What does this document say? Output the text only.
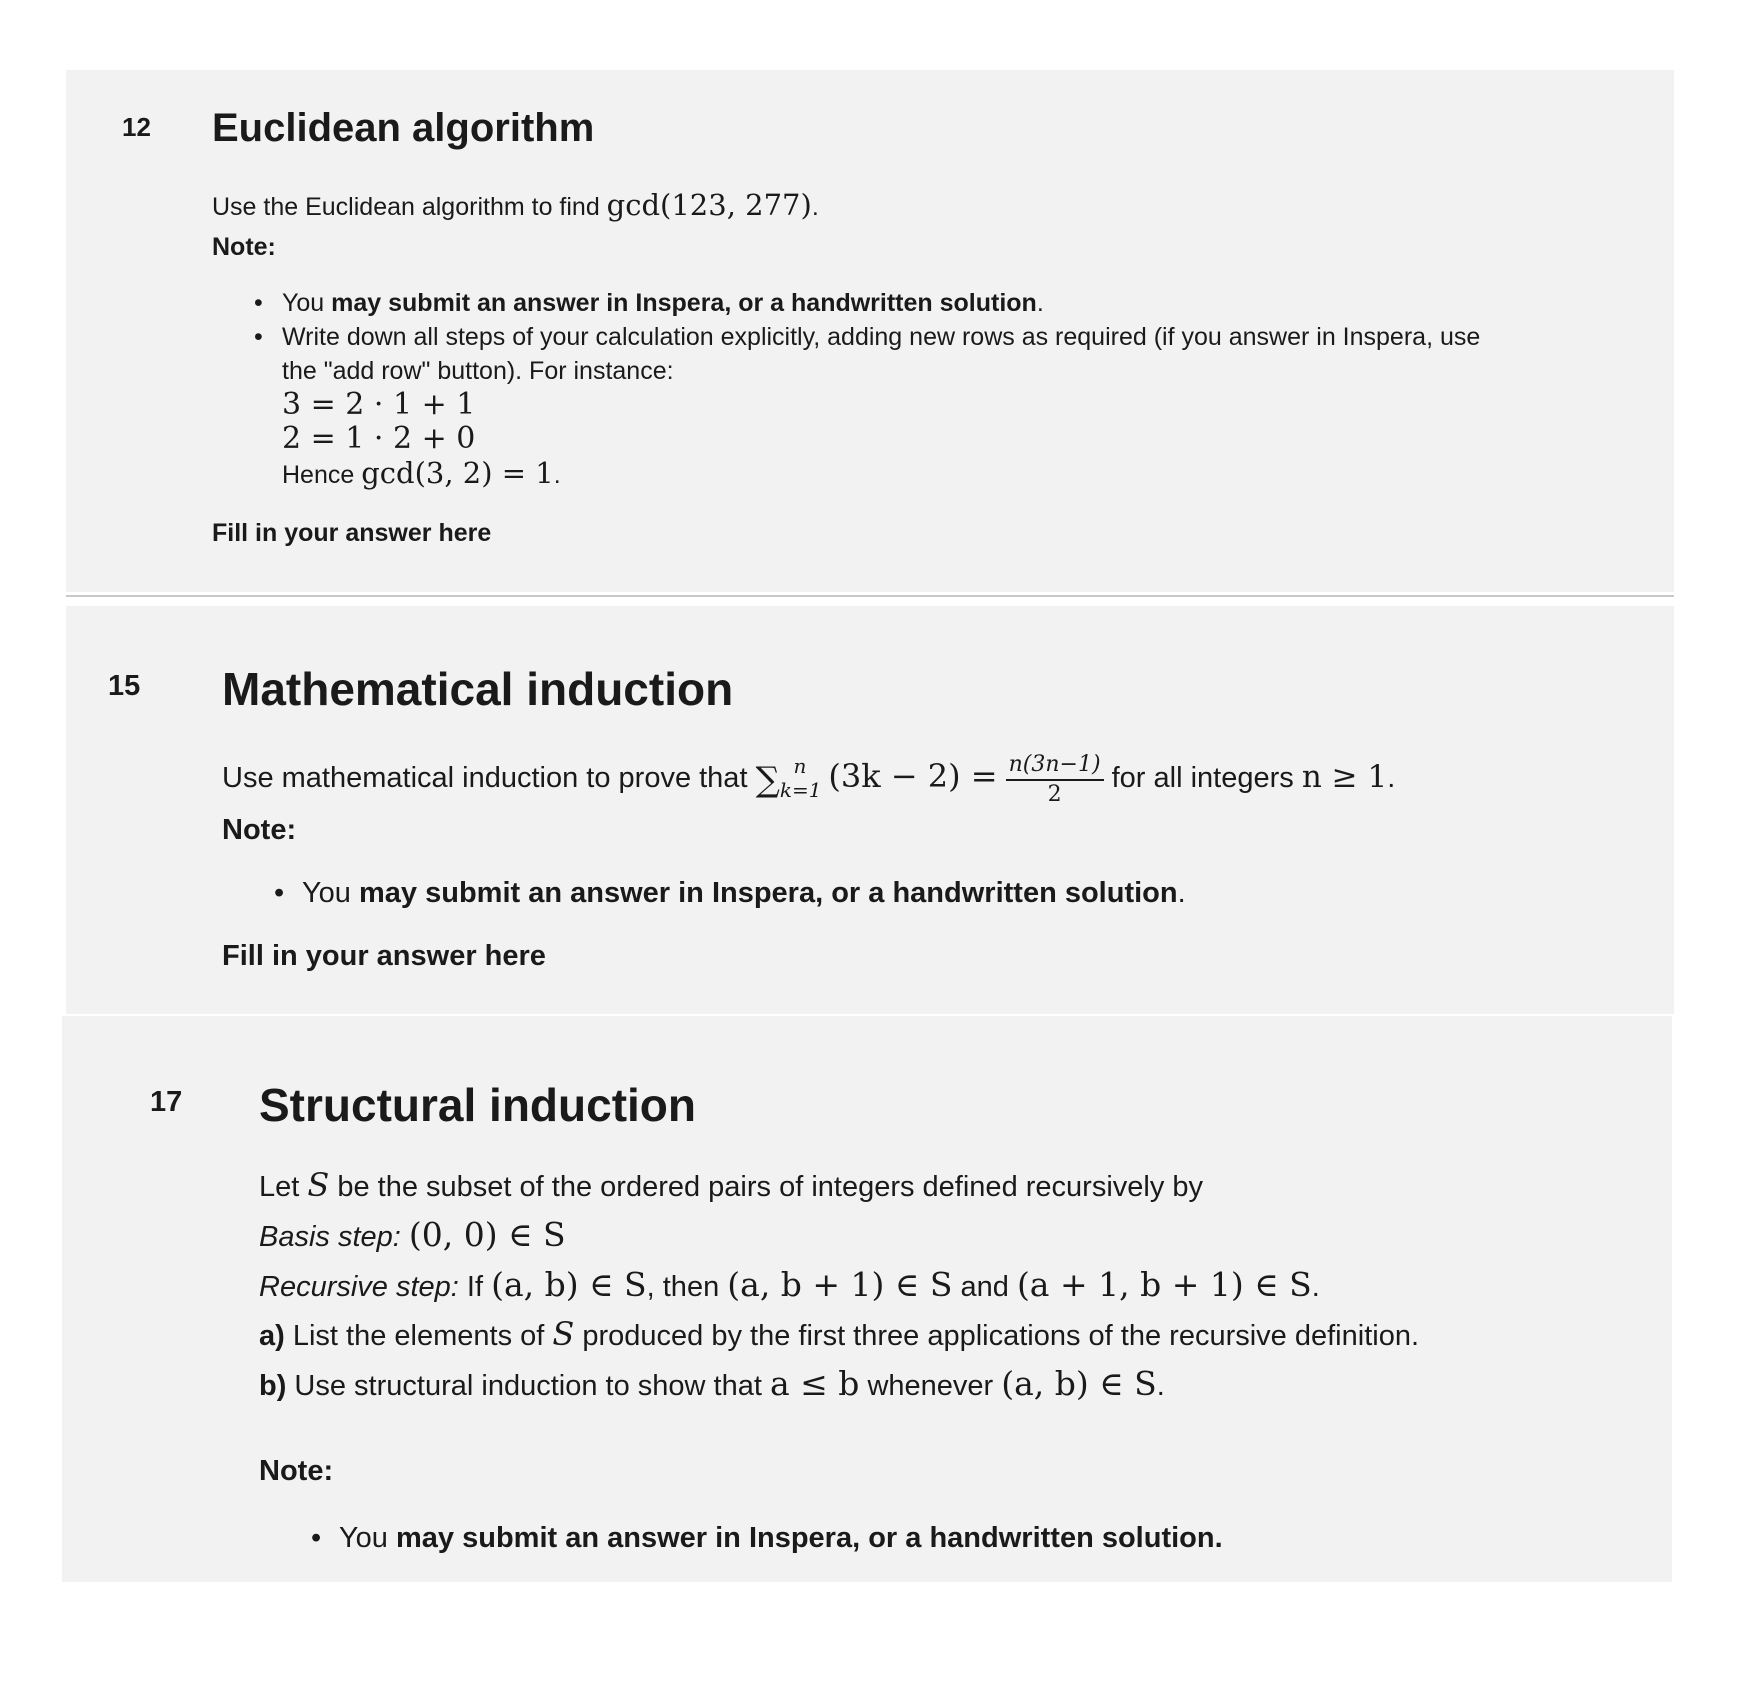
12 Euclidean algorithm
Use the Euclidean algorithm to find gcd(123, 277).
Note:
• You may submit an answer in Inspera, or a handwritten solution.
• Write down all steps of your calculation explicitly, adding new rows as required (if you answer in Inspera, use
the "add row" button). For instance:
3 = 2 · 1 + 1
2 = 1 · 2 + 0
Hence gcd(3, 2) = 1.
Fill in your answer here
15 Mathematical induction
Use mathematical induction to prove that $\sum_{k=1}^n$ $(3k - 2) = \frac{n(3n-1)}{2}$ for all integers n ≥ 1.
Note:
• You may submit an answer in Inspera, or a handwritten solution.
Fill in your answer here
17 Structural induction
Let S be the subset of the ordered pairs of integers defined recursively by
Basis step: (0, 0) ∈ S
Recursive step: If (a, b) ∈ S, then (a, b + 1) ∈ S and (a + 1, b + 1) ∈ S.
a) List the elements of S produced by the first three applications of the recursive definition.
b) Use structural induction to show that a ≤ b whenever (a, b) ∈ S.
Note:
• You may submit an answer in Inspera, or a handwritten solution.
